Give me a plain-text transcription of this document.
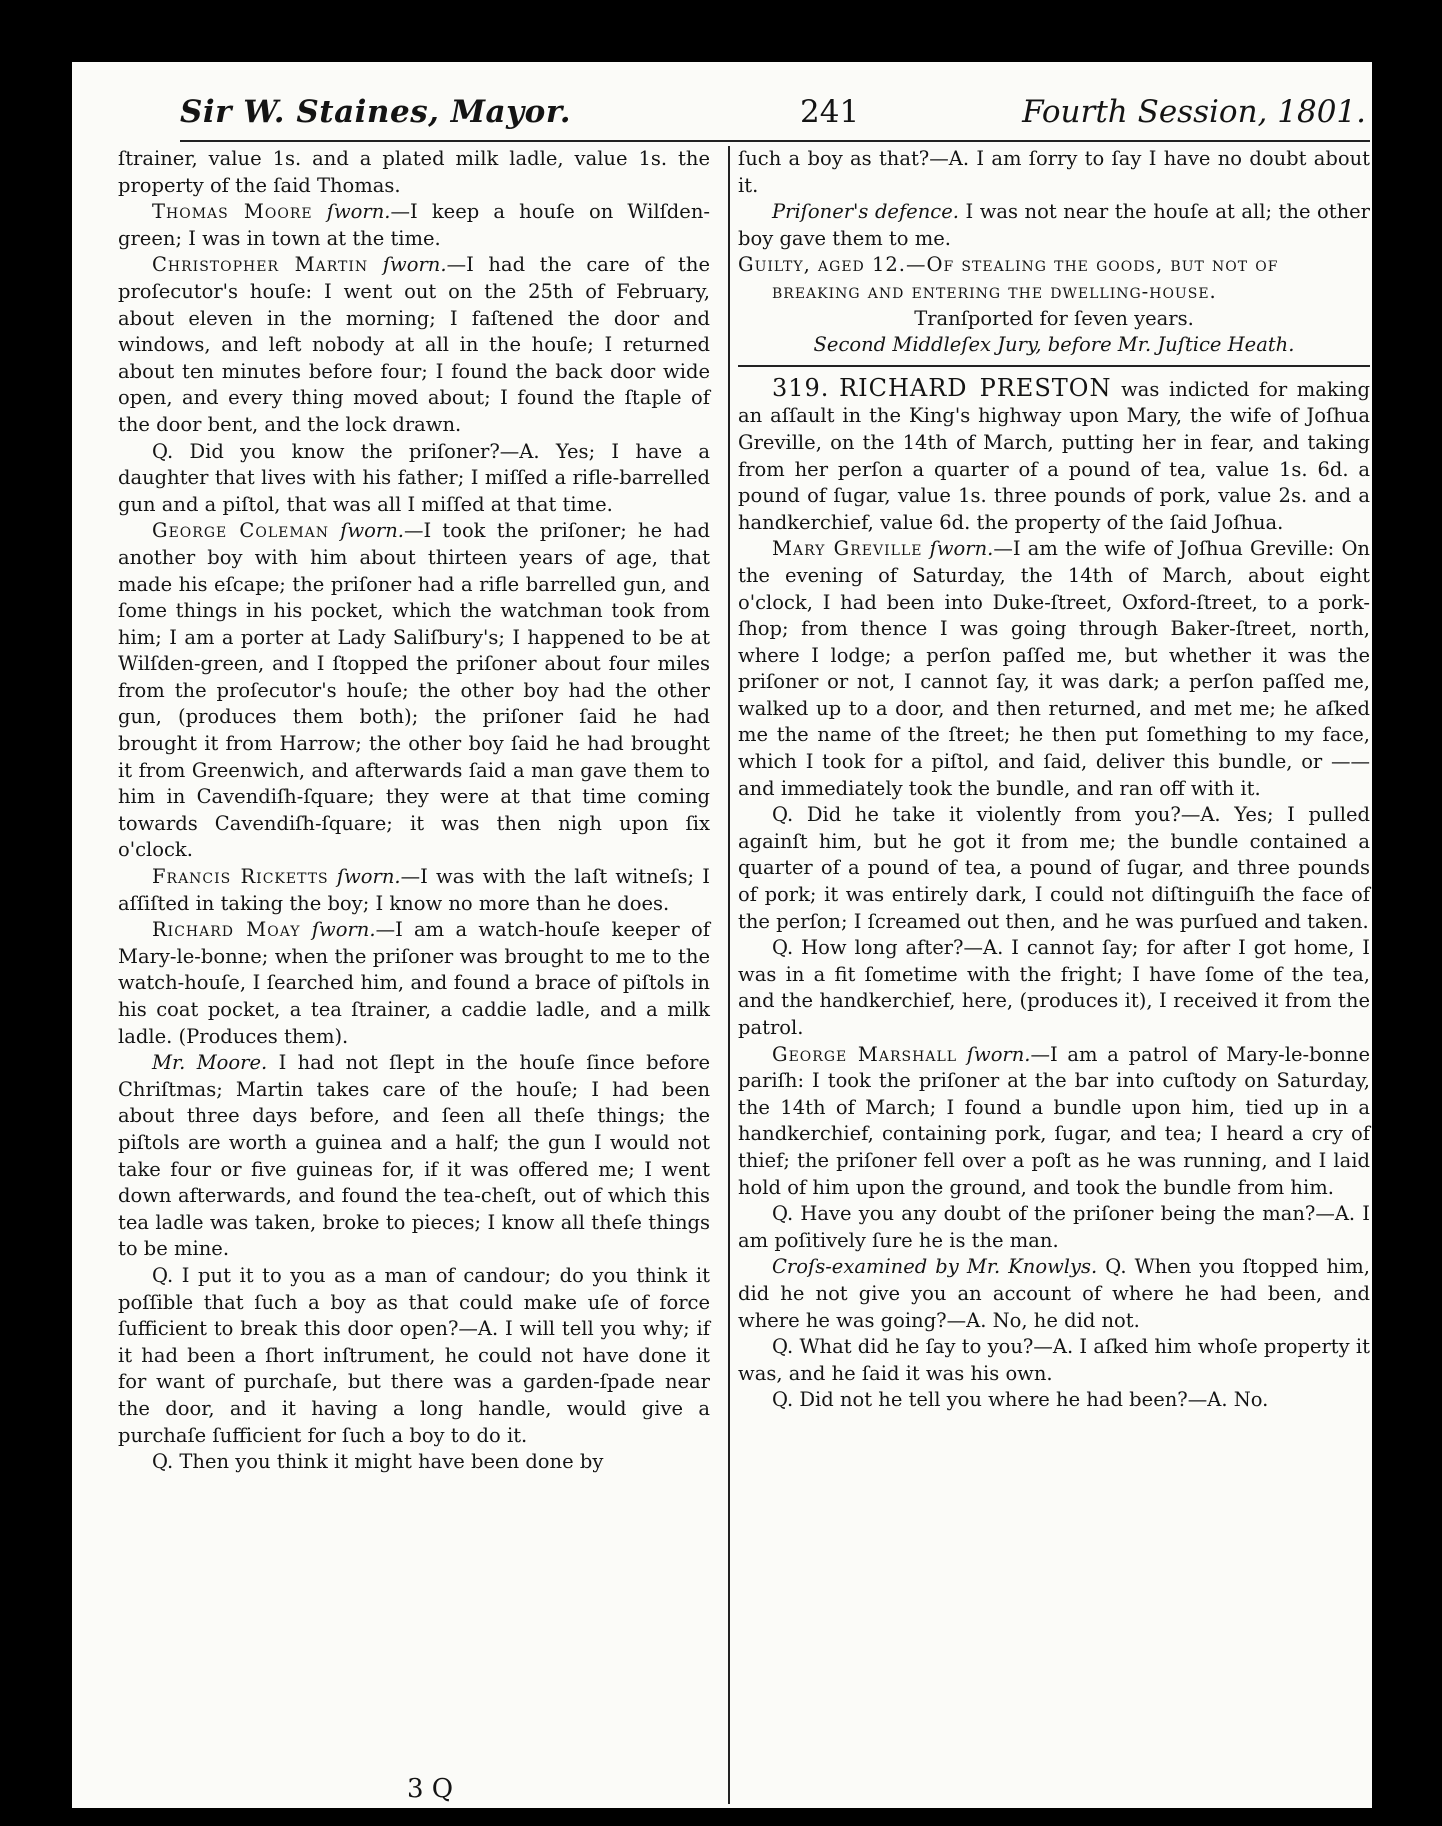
Sir W. Staines, Mayor.	241	Fourth Session, 1801.

ſtrainer, value 1s. and a plated milk ladle, value 1s. the property of the ſaid Thomas.

Thomas Moore ſworn.—I keep a houſe on Wilſden-green; I was in town at the time.

Christopher Martin ſworn.—I had the care of the proſecutor's houſe: I went out on the 25th of February, about eleven in the morning; I faſtened the door and windows, and left nobody at all in the houſe; I returned about ten minutes before four; I found the back door wide open, and every thing moved about; I found the ſtaple of the door bent, and the lock drawn.

Q. Did you know the priſoner?—A. Yes; I have a daughter that lives with his father; I miſſed a rifle-barrelled gun and a piſtol, that was all I miſſed at that time.

George Coleman ſworn.—I took the priſoner; he had another boy with him about thirteen years of age, that made his eſcape; the priſoner had a rifle barrelled gun, and ſome things in his pocket, which the watchman took from him; I am a porter at Lady Saliſbury's; I happened to be at Wilſden-green, and I ſtopped the priſoner about four miles from the proſecutor's houſe; the other boy had the other gun, (produces them both); the priſoner ſaid he had brought it from Harrow; the other boy ſaid he had brought it from Greenwich, and afterwards ſaid a man gave them to him in Cavendiſh-ſquare; they were at that time coming towards Cavendiſh-ſquare; it was then nigh upon ſix o'clock.

Francis Ricketts ſworn.—I was with the laſt witneſs; I aſſiſted in taking the boy; I know no more than he does.

Richard Moay ſworn.—I am a watch-houſe keeper of Mary-le-bonne; when the priſoner was brought to me to the watch-houſe, I ſearched him, and found a brace of piſtols in his coat pocket, a tea ſtrainer, a caddie ladle, and a milk ladle. (Produces them).

Mr. Moore. I had not ſlept in the houſe ſince before Chriſtmas; Martin takes care of the houſe; I had been about three days before, and ſeen all theſe things; the piſtols are worth a guinea and a half; the gun I would not take four or five guineas for, if it was offered me; I went down afterwards, and found the tea-cheſt, out of which this tea ladle was taken, broke to pieces; I know all theſe things to be mine.

Q. I put it to you as a man of candour; do you think it poſſible that ſuch a boy as that could make uſe of force ſufficient to break this door open?—A. I will tell you why; if it had been a ſhort inſtrument, he could not have done it for want of purchaſe, but there was a garden-ſpade near the door, and it having a long handle, would give a purchaſe ſufficient for ſuch a boy to do it.

Q. Then you think it might have been done by

3 Q

ſuch a boy as that?—A. I am ſorry to ſay I have no doubt about it.

Priſoner's defence. I was not near the houſe at all; the other boy gave them to me.

Guilty, aged 12.—Of ſtealing the goods, but not of breaking and entering the dwelling-houſe.

Tranſported for ſeven years.

Second Middleſex Jury, before Mr. Juſtice Heath.

319. RICHARD PRESTON was indicted for making an aſſault in the King's highway upon Mary, the wife of Joſhua Greville, on the 14th of March, putting her in fear, and taking from her perſon a quarter of a pound of tea, value 1s. 6d. a pound of ſugar, value 1s. three pounds of pork, value 2s. and a handkerchief, value 6d. the property of the ſaid Joſhua.

Mary Greville ſworn.—I am the wife of Joſhua Greville: On the evening of Saturday, the 14th of March, about eight o'clock, I had been into Duke-ſtreet, Oxford-ſtreet, to a pork-ſhop; from thence I was going through Baker-ſtreet, north, where I lodge; a perſon paſſed me, but whether it was the priſoner or not, I cannot ſay, it was dark; a perſon paſſed me, walked up to a door, and then returned, and met me; he aſked me the name of the ſtreet; he then put ſomething to my face, which I took for a piſtol, and ſaid, deliver this bundle, or —— and immediately took the bundle, and ran off with it.

Q. Did he take it violently from you?—A. Yes; I pulled againſt him, but he got it from me; the bundle contained a quarter of a pound of tea, a pound of ſugar, and three pounds of pork; it was entirely dark, I could not diſtinguiſh the face of the perſon; I ſcreamed out then, and he was purſued and taken.

Q. How long after?—A. I cannot ſay; for after I got home, I was in a fit ſometime with the fright; I have ſome of the tea, and the handkerchief, here, (produces it), I received it from the patrol.

George Marshall ſworn.—I am a patrol of Mary-le-bonne pariſh: I took the priſoner at the bar into cuſtody on Saturday, the 14th of March; I found a bundle upon him, tied up in a handkerchief, containing pork, ſugar, and tea; I heard a cry of thief; the priſoner fell over a poſt as he was running, and I laid hold of him upon the ground, and took the bundle from him.

Q. Have you any doubt of the priſoner being the man?—A. I am poſitively ſure he is the man.

Croſs-examined by Mr. Knowlys. Q. When you ſtopped him, did he not give you an account of where he had been, and where he was going?—A. No, he did not.

Q. What did he ſay to you?—A. I aſked him whoſe property it was, and he ſaid it was his own.

Q. Did not he tell you where he had been?—A. No.
